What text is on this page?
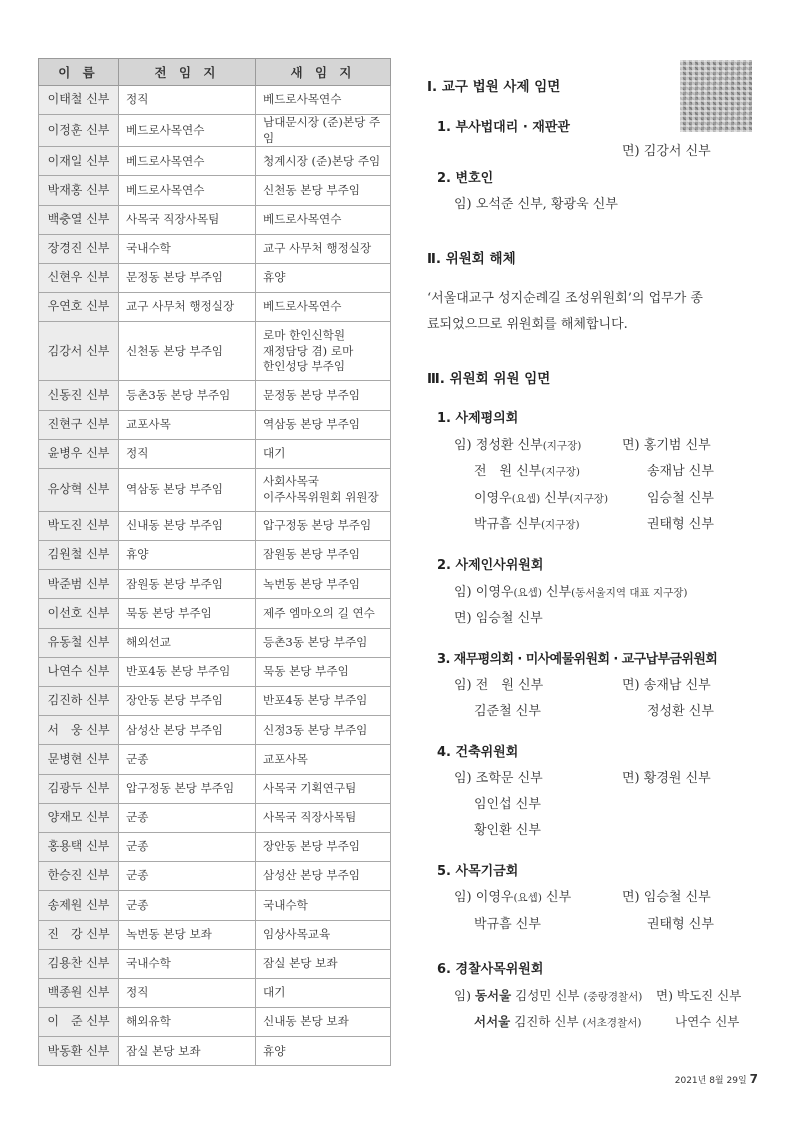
이 름	전 임 지	새 임 지
이태철 신부	정직	베드로사목연수
이정훈 신부	베드로사목연수	남대문시장 (준)본당 주임
이재일 신부	베드로사목연수	청계시장 (준)본당 주임
박재홍 신부	베드로사목연수	신천동 본당 부주임
백충열 신부	사목국 직장사목팀	베드로사목연수
장경진 신부	국내수학	교구 사무처 행정실장
신현우 신부	문정동 본당 부주임	휴양
우연호 신부	교구 사무처 행정실장	베드로사목연수
김강서 신부	신천동 본당 부주임	로마 한인신학원
재정담당 겸) 로마
한인성당 부주임
신동진 신부	등촌3동 본당 부주임	문정동 본당 부주임
진현구 신부	교포사목	역삼동 본당 부주임
윤병우 신부	정직	대기
유상혁 신부	역삼동 본당 부주임	사회사목국
이주사목위원회 위원장
박도진 신부	신내동 본당 부주임	압구정동 본당 부주임
김원철 신부	휴양	잠원동 본당 부주임
박준범 신부	잠원동 본당 부주임	녹번동 본당 부주임
이선호 신부	묵동 본당 부주임	제주 엠마오의 길 연수
유동철 신부	해외선교	등촌3동 본당 부주임
나연수 신부	반포4동 본당 부주임	묵동 본당 부주임
김진하 신부	장안동 본당 부주임	반포4동 본당 부주임
서　웅 신부	삼성산 본당 부주임	신정3동 본당 부주임
문병현 신부	군종	교포사목
김광두 신부	압구정동 본당 부주임	사목국 기획연구팀
양재모 신부	군종	사목국 직장사목팀
홍용택 신부	군종	장안동 본당 부주임
한승진 신부	군종	삼성산 본당 부주임
송제원 신부	군종	국내수학
진　강 신부	녹번동 본당 보좌	임상사목교육
김용찬 신부	국내수학	잠실 본당 보좌
백종원 신부	정직	대기
이　준 신부	해외유학	신내동 본당 보좌
박동환 신부	잠실 본당 보좌	휴양
Ⅰ. 교구 법원 사제 임면
1. 부사법대리 · 재판관
면) 김강서 신부
2. 변호인
임) 오석준 신부, 황광욱 신부
Ⅱ. 위원회 해체
‘서울대교구 성지순례길 조성위원회’의 업무가 종
료되었으므로 위원회를 해체합니다.
Ⅲ. 위원회 위원 임면
1. 사제평의회
임) 정성환 신부(지구장)	면) 홍기범 신부
전　원 신부(지구장)	송재남 신부
이영우(요셉) 신부(지구장)	임승철 신부
박규흠 신부(지구장)	권태형 신부
2. 사제인사위원회
임) 이영우(요셉) 신부(동서울지역 대표 지구장)
면) 임승철 신부
3. 재무평의회 · 미사예물위원회 · 교구납부금위원회
임) 전　원 신부	면) 송재남 신부
김준철 신부	정성환 신부
4. 건축위원회
임) 조학문 신부	면) 황경원 신부
임인섭 신부
황인환 신부
5. 사목기금회
임) 이영우(요셉) 신부	면) 임승철 신부
박규흠 신부	권태형 신부
6. 경찰사목위원회
임) 동서울 김성민 신부 (중랑경찰서) 면) 박도진 신부
서서울 김진하 신부 (서초경찰서)	나연수 신부
2021년 8월 29일 7
